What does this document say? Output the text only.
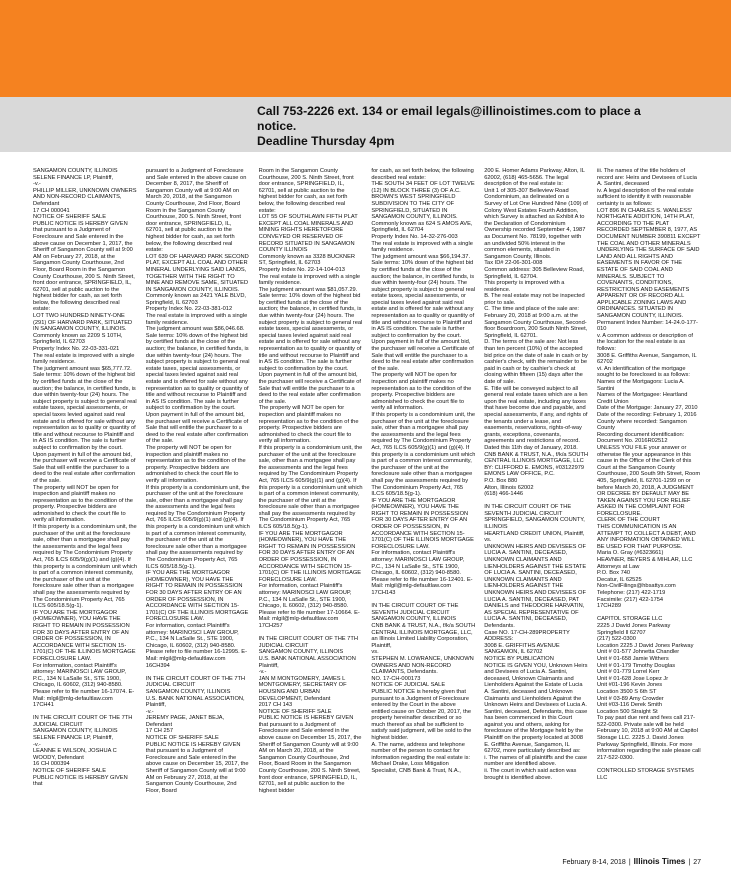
Call 753-2226 ext. 134 or email legals@illinoistimes.com to place a notice.
Deadline Thursday 4pm
SANGAMON COUNTY, ILLINOIS
SELENE FINANCE LP, Plaintiff,
-v.-
PHILLIP MILLER, UNKNOWN OWNERS AND NON-RECORD CLAIMANTS, Defendant
17 CH 000041
NOTICE OF SHERIFF SALE
PUBLIC NOTICE IS HEREBY GIVEN that pursuant to a Judgment of Foreclosure and Sale entered in the above cause on December 1, 2017, the Sheriff of Sangamon County will at 9:00 AM on February 27, 2018, at the Sangamon County Courthouse, 2nd Floor, Board Room in the Sangamon County Courthouse, 200 S. Ninth Street, front door entrance, SPRINGFIELD, IL, 62701, sell at public auction to the highest bidder for cash, as set forth below, the following described real estate:
LOT TWO HUNDRED NINETY-ONE (291) OF HARVARD PARK, SITUATED IN SANGAMON COUNTY, ILLINOIS.
Commonly known as 2209 S 10TH, Springfield, IL 62703
Property Index No. 22-03-331-021
The real estate is improved with a single family residence.
The judgment amount was $65,777.72. Sale terms: 10% down of the highest bid by certified funds at the close of the auction; the balance, in certified funds, is due within twenty-four (24) hours. The subject property is subject to general real estate taxes, special assessments, or special taxes levied against said real estate and is offered for sale without any representation as to quality or quantity of title and without recourse to Plaintiff and in AS IS condition. The sale is further subject to confirmation by the court.
Upon payment in full of the amount bid, the purchaser will receive a Certificate of Sale that will entitle the purchaser to a deed to the real estate after confirmation of the sale.
The property will NOT be open for inspection and plaintiff makes no representation as to the condition of the property. Prospective bidders are admonished to check the court file to verify all information.
If this property is a condominium unit, the purchaser of the unit at the foreclosure sale, other than a mortgagee shall pay the assessments and the legal fees required by The Condominium Property Act, 765 ILCS 605/9(g)(1) and (g)(4). If this property is a condominium unit which is part of a common interest community, the purchaser of the unit at the foreclosure sale other than a mortgagee shall pay the assessments required by The Condominium Property Act, 765 ILCS 605/18.5(g-1).
IF YOU ARE THE MORTGAGOR (HOMEOWNER), YOU HAVE THE RIGHT TO REMAIN IN POSSESSION FOR 30 DAYS AFTER ENTRY OF AN ORDER OF POSSESSION, IN ACCORDANCE WITH SECTION 15-1701(C) OF THE ILLINOIS MORTGAGE FORECLOSURE LAW.
For information, contact Plaintiff's attorney: MARINOSCI LAW GROUP, P.C., 134 N LaSalle St., STE 1900, Chicago, IL 60602, (312) 940-8580. Please refer to file number 16-17074. E-Mail: mlgil@mlg-defaultlaw.com
17CH41

IN THE CIRCUIT COURT OF THE 7TH JUDICIAL CIRCUIT
SANGAMON COUNTY, ILLINOIS
SELENE FINANCE LP, Plaintiff,
-v.-
LEANNE E WILSON, JOSHUA C WOODY, Defendant
16 CH 000394
NOTICE OF SHERIFF SALE
PUBLIC NOTICE IS HEREBY GIVEN that
pursuant to a Judgment of Foreclosure and Sale entered in the above cause on December 8, 2017, the Sheriff of Sangamon County will at 9:00 AM on March 20, 2018, at the Sangamon County Courthouse, 2nd Floor, Board Room in the Sangamon County Courthouse, 200 S. Ninth Street, front door entrance, SPRINGFIELD, IL, 62701, sell at public auction to the highest bidder for cash, as set forth below, the following described real estate:
LOT 639 OF HARVARD PARK SECOND PLAT, EXCEPT ALL COAL AND OTHER MINERAL UNDERLYING SAID LANDS, TOGETHER WITH THE RIGHT TO MINE AND REMOVE SAME, SITUATED IN SANGAMON COUNTY, ILLINOIS.
Commonly known as 2421 YALE BLVD, Springfield, IL 62703
Property Index No. 22-03-381-012
The real estate is improved with a single family residence.
The judgment amount was $86,046.68. Sale terms: 10% down of the highest bid by certified funds at the close of the auction; the balance, in certified funds, is due within twenty-four (24) hours. The subject property is subject to general real estate taxes, special assessments, or special taxes levied against said real estate and is offered for sale without any representation as to quality or quantity of title and without recourse to Plaintiff and in AS IS condition. The sale is further subject to confirmation by the court.
Upon payment in full of the amount bid, the purchaser will receive a Certificate of Sale that will entitle the purchaser to a deed to the real estate after confirmation of the sale.
The property will NOT be open for inspection and plaintiff makes no representation as to the condition of the property. Prospective bidders are admonished to check the court file to verify all information.
If this property is a condominium unit, the purchaser of the unit at the foreclosure sale, other than a mortgagee shall pay the assessments and the legal fees required by The Condominium Property Act, 765 ILCS 605/9(g)(1) and (g)(4). If this property is a condominium unit which is part of a common interest community, the purchaser of the unit at the foreclosure sale other than a mortgagee shall pay the assessments required by The Condominium Property Act, 765 ILCS 605/18.5(g-1).
IF YOU ARE THE MORTGAGOR (HOMEOWNER), YOU HAVE THE RIGHT TO REMAIN IN POSSESSION FOR 30 DAYS AFTER ENTRY OF AN ORDER OF POSSESSION, IN ACCORDANCE WITH SECTION 15-1701(C) OF THE ILLINOIS MORTGAGE FORECLOSURE LAW.
For information, contact Plaintiff's attorney: MARINOSCI LAW GROUP, P.C., 134 N LaSalle St., STE 1900, Chicago, IL 60602, (312) 940-8580. Please refer to file number 16-12995. E-Mail: mlgil@mlg-defaultlaw.com
16CH394

IN THE CIRCUIT COURT OF THE 7TH JUDICIAL CIRCUIT
SANGAMON COUNTY, ILLINOIS
U.S. BANK NATIONAL ASSOCIATION, Plaintiff,
-v.-
JEREMY PAGE, JANET BEJA, Defendant
17 CH 257
NOTICE OF SHERIFF SALE
PUBLIC NOTICE IS HEREBY GIVEN that pursuant to a Judgment of Foreclosure and Sale entered in the above cause on December 15, 2017, the Sheriff of Sangamon County will at 9:00 AM on February 27, 2018, at the Sangamon County Courthouse, 2nd Floor, Board
Room in the Sangamon County Courthouse, 200 S. Ninth Street, front door entrance, SPRINGFIELD, IL, 62701, sell at public auction to the highest bidder for cash, as set forth below, the following described real estate:
LOT 55 OF SOUTHLAWN FIFTH PLAT EXCEPT ALL COAL MINERALS AND MINING RIGHTS HERETOFORE CONVEYED OR RESERVED OF RECORD SITUATED IN SANGAMON COUNTY ILLINOIS
Commonly known as 3328 BUCKNER ST, Springfield, IL 62703
Property Index No. 22-14-104-013
The real estate is improved with a single family residence.
The judgment amount was $81,057.29. Sale terms: 10% down of the highest bid by certified funds at the close of the auction; the balance, in certified funds, is due within twenty-four (24) hours. The subject property is subject to general real estate taxes, special assessments, or special taxes levied against said real estate and is offered for sale without any representation as to quality or quantity of title and without recourse to Plaintiff and in AS IS condition. The sale is further subject to confirmation by the court.
Upon payment in full of the amount bid, the purchaser will receive a Certificate of Sale that will entitle the purchaser to a deed to the real estate after confirmation of the sale.
The property will NOT be open for inspection and plaintiff makes no representation as to the condition of the property. Prospective bidders are admonished to check the court file to verify all information.
If this property is a condominium unit, the purchaser of the unit at the foreclosure sale, other than a mortgagee shall pay the assessments and the legal fees required by The Condominium Property Act, 765 ILCS 605/9(g)(1) and (g)(4). If this property is a condominium unit which is part of a common interest community, the purchaser of the unit at the foreclosure sale other than a mortgagee shall pay the assessments required by The Condominium Property Act, 765 ILCS 605/18.5(g-1).
IF YOU ARE THE MORTGAGOR (HOMEOWNER), YOU HAVE THE RIGHT TO REMAIN IN POSSESSION FOR 30 DAYS AFTER ENTRY OF AN ORDER OF POSSESSION, IN ACCORDANCE WITH SECTION 15-1701(C) OF THE ILLINOIS MORTGAGE FORECLOSURE LAW.
For information, contact Plaintiff's attorney: MARINOSCI LAW GROUP, P.C., 134 N LaSalle St., STE 1900, Chicago, IL 60602, (312) 940-8580. Please refer to file number 17-10664. E-Mail: mlgil@mlg-defaultlaw.com
17CH257

IN THE CIRCUIT COURT OF THE 7TH JUDICIAL CIRCUIT
SANGAMON COUNTY, ILLINOIS
U.S. BANK NATIONAL ASSOCIATION Plaintiff,
-v.-
JAN M MONTGOMERY, JAMES L MONTGOMERY, SECRETARY OF HOUSING AND URBAN DEVELOPMENT, Defendant
2017 CH 143
NOTICE OF SHERIFF SALE
PUBLIC NOTICE IS HEREBY GIVEN that pursuant to a Judgment of Foreclosure and Sale entered in the above cause on December 15, 2017, the Sheriff of Sangamon County will at 9:00 AM on March 20, 2018, at the Sangamon County Courthouse, 2nd Floor, Board Room in the Sangamon County Courthouse, 200 S. Ninth Street, front door entrance, SPRINGFIELD, IL, 62701, sell at public auction to the highest bidder
for cash, as set forth below, the following described real estate:
THE SOUTH 34 FEET OF LOT TWELVE (12) IN BLOCK THREE (3) OF A.C. BROWN'S WEST SPRINGFIELD SUBDIVISION TO THE CITY OF SPRINGFIELD, SITUATED IN SANGAMON COUNTY, ILLINOIS.
Commonly known as 624 S AMOS AVE, Springfield, IL 62704
Property Index No. 14-32-276-003
The real estate is improved with a single family residence.
The judgment amount was $66,194.37. Sale terms: 10% down of the highest bid by certified funds at the close of the auction; the balance, in certified funds, is due within twenty-four (24) hours. The subject property is subject to general real estate taxes, special assessments, or special taxes levied against said real estate and is offered for sale without any representation as to quality or quantity of title and without recourse to Plaintiff and in AS IS condition. The sale is further subject to confirmation by the court.
Upon payment in full of the amount bid, the purchaser will receive a Certificate of Sale that will entitle the purchaser to a deed to the real estate after confirmation of the sale.
The property will NOT be open for inspection and plaintiff makes no representation as to the condition of the property. Prospective bidders are admonished to check the court file to verify all information.
If this property is a condominium unit, the purchaser of the unit at the foreclosure sale, other than a mortgagee shall pay the assessments and the legal fees required by The Condominium Property Act, 765 ILCS 605/9(g)(1) and (g)(4). If this property is a condominium unit which is part of a common interest community, the purchaser of the unit at the foreclosure sale other than a mortgagee shall pay the assessments required by The Condominium Property Act, 765 ILCS 605/18.5(g-1).
IF YOU ARE THE MORTGAGOR (HOMEOWNER), YOU HAVE THE RIGHT TO REMAIN IN POSSESSION FOR 30 DAYS AFTER ENTRY OF AN ORDER OF POSSESSION, IN ACCORDANCE WITH SECTION 15-1701(C) OF THE ILLINOIS MORTGAGE FORECLOSURE LAW.
For information, contact Plaintiff's attorney: MARINOSCI LAW GROUP, P.C., 134 N LaSalle St., STE 1900, Chicago, IL 60602, (312) 940-8580. Please refer to file number 16-12401. E-Mail: mlgil@mlg-defaultlaw.com
17CH143

IN THE CIRCUIT COURT OF THE SEVENTH JUDICIAL CIRCUIT
SANGAMON COUNTY, ILLINOIS
CNB BANK & TRUST, N.A., f/k/a SOUTH CENTRAL ILLINOIS MORTGAGE, LLC, an Illinois Limited Liability Corporation, Plaintiff,
vs.
STEPHEN M. LOWRANCE, UNKNOWN OWNERS AND NON-RECORD CLAIMANTS, Defendants.
NO. 17-CH-000173
NOTICE OF JUDICIAL SALE
PUBLIC NOTICE is hereby given that pursuant to a Judgment of Foreclosure entered by the Court in the above entitled cause on October 20, 2017, the property hereinafter described or so much thereof as shall be sufficient to satisfy said judgment, will be sold to the highest bidder.
A. The name, address and telephone number of the person to contact for information regarding the real estate is: Michael Drake, Loss Mitigation Specialist, CNB Bank & Trust, N.A.,
200 E. Homer Adams Parkway, Alton, IL 62002, (618) 465-5656. The legal description of the real estate is:
Unit 1 of 305-307 Belleview Road Condominium, as delineated on a Survey of Lot One Hundred Nine (109) of Colony West Estates Fourth Addition, which Survey is attached as Exhibit A to the Declaration of Condominium Ownership recorded September 4, 1987 as Document No. 78199, together with an undivided 50% interest in the common elements, situated in Sangamon County, Illinois.
Tax ID# 22-06-301-008
Common address: 305 Belleview Road, Springfield, IL 62704.
This property is improved with a residence.
B. The real estate may not be inspected prior to sale.
C. The time and place of the sale are: February 20, 2018 at 9:00 a.m. at the Sangamon County Courthouse, Second-floor Boardroom, 200 South Ninth Street, Springfield, IL 62701.
D. The terms of the sale are: Not less than ten percent (10%) of the accepted bid price on the date of sale in cash or by cashier's check, with the remainder to be paid in cash or by cashier's check at closing within fifteen (15) days after the date of sale.
E. Title will be conveyed subject to all general real estate taxes which are a lien upon the real estate, including any taxes that have become due and payable, and special assessments, if any, and rights of the tenants under a lease, and easements, reservations, rights-of-way grants, exceptions, covenants, agreements and restrictions of record.
Dated this 11th day of January, 2018.
CNB BANK & TRUST, N.A., f/k/a SOUTH CENTRAL ILLINOIS MORTGAGE, LLC
BY: CLIFFORD E. EMONS, #03122979
EMONS LAW OFFICE, P.C.
P.O. Box 880
Alton, Illinois 62002
(618) 466-1446

IN THE CIRCUIT COURT OF THE SEVENTH JUDICIAL CIRCUIT
SPRINGFIELD, SANGAMON COUNTY, ILLINOIS
HEARTLAND CREDIT UNION, Plaintiff,
vs.
UNKNOWN HEIRS AND DEVISEES OF LUCIA A. SANTINI, DECEASED, UNKNOWN CLAIMANTS AND LIENHOLDERS AGAINST THE ESTATE OF LUCIA A. SANTINI, DECEASED, UNKNOWN CLAIMANTS AND LIENHOLDERS AGAINST THE UNKNOWN HEIRS AND DEVISEES OF LUCIA A. SANTINI, DECEASED, PAT DANIELS and THEODORE HARVATIN, AS SPECIAL REPRESENTATIVE OF LUCIA A. SANTINI, DECEASED, Defendants.
Case NO. 17-CH-289PROPERTY ADDRESS:
3008 E. GRIFFITHS AVENUE
SANGAMON, IL 62702
NOTICE BY PUBLICATION
NOTICE IS GIVEN YOU, Unknown Heirs and Devisees of Lucia A. Santini, deceased, Unknown Claimants and Lienholders Against the Estate of Lucia A. Santini, deceased and Unknown Claimants and Lienholders Against the Unknown Heirs and Devisees of Lucia A. Santini, deceased, Defendants, this case has been commenced in this Court against you and others, asking for foreclosure of the Mortgage held by the Plaintiff on the property located at 3008 E. Griffiths Avenue, Sangamon, IL 62702, more particularly described as:
i. The names of all plaintiffs and the case number are identified above.
ii. The court in which said action was brought is identified above.
iii. The names of the title holders of record are: Heirs and Devisees of Lucia A. Santini, deceased
iv. A legal description of the real estate sufficient to identify it with reasonable certainty is as follows:
LOT 896 IN CHARLES S. WANLESS' NORTHGATE ADDITION, 14TH PLAT, ACCORDING TO THE PLAT RECORDED SEPTEMBER 8, 1977, AS DOCUMENT NUMBER 390811 EXCEPT THE COAL AND OTHER MINERALS UNDERLYING THE SURFACE OF SAID LAND AND ALL RIGHTS AND EASEMENTS IN FAVOR OF THE ESTATE OF SAID COAL AND MINERALS. SUBJECT TO COVENANTS, CONDITIONS, RESTRICTIONS AND EASEMENTS APPARENT OR OF RECORD ALL APPLICABLE ZONING LAWS AND ORDINANCES. SITUATED IN SANGAMON COUNTY, ILLINOIS.
Permanent Index Number: 14-24.0-177-010
v. A common address or description of the location for the real estate is as follows:
3008 E. Griffiths Avenue, Sangamon, IL 62702
vi. An identification of the mortgage sought to be foreclosed is as follows:
Names of the Mortgagors: Lucia A. Santini
Names of the Mortgagee: Heartland Credit Union
Date of the Mortgage: January 27, 2010
Date of the recording: February 1, 2016
County where recorded: Sangamon County
Recording document identification: Document No. 2016R02512
UNLESS YOU FILE your answer or otherwise file your appearance in this cause in the Office of the Clerk of this Court at the Sangamon County Courthouse, 200 South 9th Street, Room 405, Springfield, IL 62701-1299 on or before March 20, 2018, A JUDGMENT OR DECREE BY DEFAULT MAY BE TAKEN AGAINST YOU FOR RELIEF ASKED IN THE COMPLAINT FOR FORECLOSURE.
CLERK OF THE COURT
THIS COMMUNICATION IS AN ATTEMPT TO COLLECT A DEBT, AND ANY INFORMATION OBTAINED WILL BE USED FOR THAT PURPOSE.
Maria O. Gray (#6323661)
HEAVNER, BEYERS & MIHLAR, LLC
Attorneys at Law
P.O. Box 740
Decatur, IL 62525
Non-CivilFilings@hbsattys.com
Telephone: (217) 422-1719
Facsimile: (217) 422-1754
17CH289

CAPITOL STORAGE LLC
2225 J David Jones Parkway
Springfield Il 62707
(217) 522-0300
Location 2225 J David Jones Parkway
Unit # 01-577 Johnetta Chandler
Unit # 01-658 Jamie Withers
Unit # 01-179 Timothy Douglas
Unit # 01-779 Lorrel Kerr
Unit # 01-628 Jose Lopez Jr
Unit #01-196 Kevin Jones
Location 3500 S 6th ST
Unit # 03-89 Amy Crowder
Unit #03-116 Derek Smith
Location 500 Straight St
To pay past due rent and fees call 217-522-0300. Private sale will be held February 10, 2018 at 9:00 AM at Capitol Storage LLC. 2225 J. David Jones Parkway Springfield, Illinois. For more information regarding the sale please call 217-522-0300.

CONTROLLED STORAGE SYSTEMS LLC
February 8-14, 2018 | Illinois Times | 27
